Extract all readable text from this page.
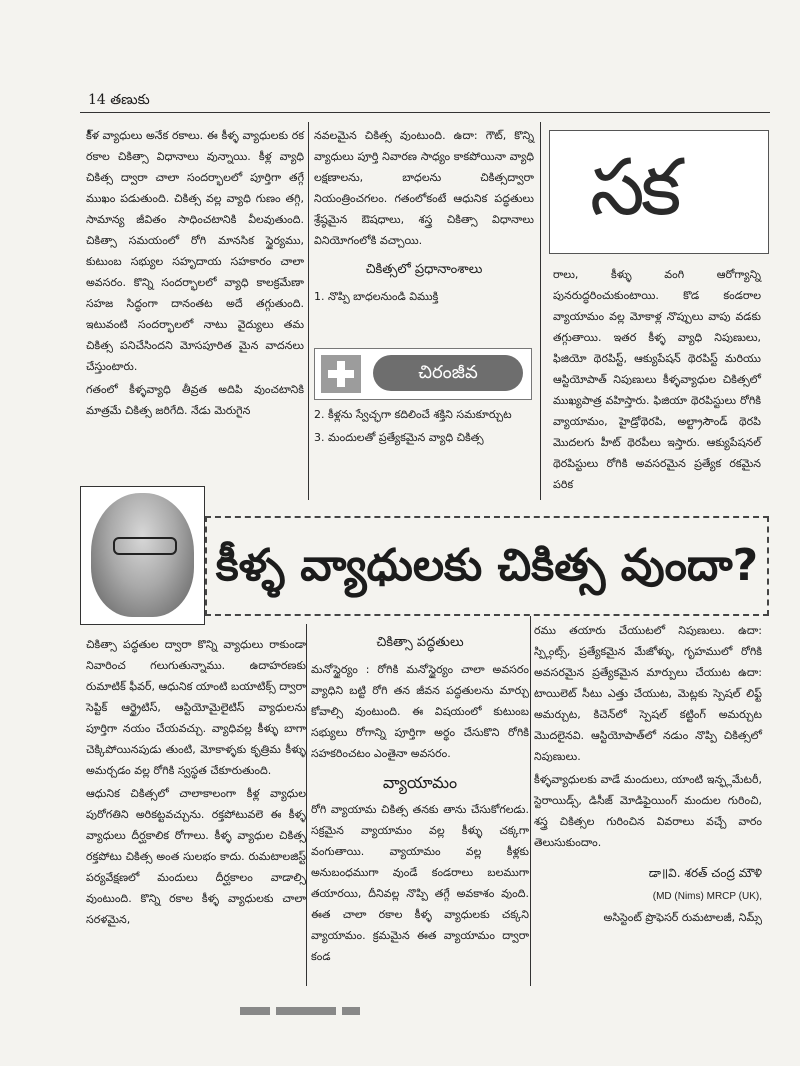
14 తణుకు

కీ్ళ వ్యాధులు అనేక రకాలు. ఈ కీళ్ళ వ్యాధులకు రక రకాల చికిత్సా విధానాలు వున్నాయి. కీళ్ల వ్యాధి చికిత్స ద్వారా చాలా సందర్భాలలో పూర్తిగా తగ్గే ముఖం పడుతుంది. చికిత్స వల్ల వ్యాధి గుణం తగ్గి, సామాన్య జీవితం సాధించటానికి వీలవుతుంది. చికిత్సా సమయంలో రోగి మానసిక స్థైర్యము, కుటుంబ సభ్యుల సహృదాయ సహకారం చాలా అవసరం. కొన్ని సందర్భాలలో వ్యాధి కాలక్రమేణా సహజ సిద్ధంగా దానంతట అదే తగ్గుతుంది. ఇటువంటి సందర్భాలలో నాటు వైద్యులు తమ చికిత్స పనిచేసిందని మోసపూరిత మైన వాదనలు చేస్తుంటారు.

గతంలో కీళ్ళవ్యాధి తీవ్రత అదిపి వుంచటానికి మాత్రమే చికిత్స జరిగేది. నేడు మెరుగైన

నవలమైన చికిత్స వుంటుంది. ఉదా: గౌట్, కొన్ని వ్యాధులు పూర్తి నివారణ సాధ్యం కాకపోయినా వ్యాధి లక్షణాలను, బాధలను చికిత్సద్వారా నియంత్రించగలం. గతంలోకంటే ఆధునిక పద్ధతులు శ్రేష్ఠమైన ఔషధాలు, శస్త్ర చికిత్సా విధానాలు వినియోగంలోకి వచ్చాయి.

చికిత్సలో ప్రధానాంశాలు

1. నొప్పి బాధలనుండి విముక్తి

చిరంజీవ

2. కీళ్లను స్వేచ్ఛగా కదిలించే శక్తిని సమకూర్చుట

3. మందులతో ప్రత్యేకమైన వ్యాధి చికిత్స

సక

రాలు, కీళ్ళు వంగి ఆరోగ్యాన్ని పునరుద్ధరించుకుంటాయి. కొడ కండరాల వ్యాయామం వల్ల మోకాళ్ల నొప్పులు వాపు వడకు తగ్గుతాయి. ఇతర కీళ్ళ వ్యాధి నిపుణులు, ఫిజియో థెరపిస్ట్, ఆక్యుపేషన్ థెరపిస్ట్ మరియు ఆస్టియోపాత్ నిపుణులు కీళ్ళవ్యాధుల చికిత్సలో ముఖ్యపాత్ర వహిస్తారు. ఫిజియా థెరపిస్టులు రోగికి వ్యాయామం, హైడ్రోథెరపి, అల్ట్రాసౌండ్ థెరపి మొదలగు హీట్ థెరపీలు ఇస్తారు. ఆక్యుపేషనల్ థెరపిస్టులు రోగికి అవసరమైన ప్రత్యేక రకమైన పరిక

కీళ్ళ వ్యాధులకు చికిత్స వుందా?

చికిత్సా పద్ధతుల ద్వారా కొన్ని వ్యాధులు రాకుండా నివారించ గలుగుతున్నాము. ఉదాహరణకు రుమాటిక్ ఫీవర్, ఆధునిక యాంటి బయాటిక్స్ ద్వారా సెప్టిక్ ఆర్థ్రైటిస్, ఆస్టియోమైలైటిస్ వ్యాధులను పూర్తిగా నయం చేయవచ్చు. వ్యాధివల్ల కీళ్ళు బాగా చెక్కిపోయినపుడు తుంటి, మోకాళ్ళకు కృత్రిమ కీళ్ళు అమర్చడం వల్ల రోగికి స్వస్థత చేకూరుతుంది.

ఆధునిక చికిత్సలో చాలాకాలంగా కీళ్ల వ్యాధుల పురోగతిని అరికట్టవచ్చును. రక్తపోటువలె ఈ కీళ్ళ వ్యాధులు దీర్ఘకాలిక రోగాలు. కీళ్ళ వ్యాధుల చికిత్స రక్తపోటు చికిత్స అంత సులభం కాదు. రుమటాలజిస్ట్ పర్యవేక్షణలో మందులు దీర్ఘకాలం వాడాల్సి వుంటుంది. కొన్ని రకాల కీళ్ళ వ్యాధులకు చాలా సరళమైన,

చికిత్సా పద్ధతులు

మనోస్థైర్యం : రోగికి మనోస్థైర్యం చాలా అవసరం వ్యాధిని బట్టి రోగి తన జీవన పద్ధతులను మార్చు కోవాల్సి వుంటుంది. ఈ విషయంలో కుటుంబ సభ్యులు రోగాన్ని పూర్తిగా అర్థం చేసుకొని రోగికి సహకరించటం ఎంతైనా అవసరం.

వ్యాయామం

రోగి వ్యాయామ చికిత్స తనకు తాను చేసుకోగలడు. సక్రమైన వ్యాయామం వల్ల కీళ్ళు చక్కగా వంగుతాయి. వ్యాయామం వల్ల కీళ్లకు అనుబంధముగా వుండే కండరాలు బలముగా తయారయి, దీనివల్ల నొప్పి తగ్గే అవకాశం వుంది. ఈత చాలా రకాల కీళ్ళ వ్యాధులకు చక్కని వ్యాయామం. క్రమమైన ఈత వ్యాయామం ద్వారా కండ

రము తయారు చేయుటలో నిపుణులు. ఉదా: స్ప్లింట్స్, ప్రత్యేకమైన మేజోళ్ళు, గృహములో రోగికి అవసరమైన ప్రత్యేకమైన మార్పులు చేయుట ఉదా: టాయిలెట్ సీటు ఎత్తు చేయుట, మెట్లకు స్పెషల్ లిఫ్ట్ అమర్చుట, కిచెన్‌లో స్పెషల్ కట్టింగ్ అమర్చుట మొదలైనవి. ఆస్టియోపాత్‌లో నడుం నొప్పి చికిత్సలో నిపుణులు.

కీళ్ళవ్యాధులకు వాడే మందులు, యాంటి ఇన్ఫ్లమేటరీ, స్టెరాయిడ్స్, డిసీజ్ మోడిఫైయింగ్ మందుల గురించి, శస్త్ర చికిత్సల గురించిన వివరాలు వచ్చే వారం తెలుసుకుందాం.

డా॥వి. శరత్ చంద్ర మౌళి
(MD (Nims) MRCP (UK),
అసిస్టెంట్ ప్రొఫెసర్ రుమటాలజీ, నిమ్స్
